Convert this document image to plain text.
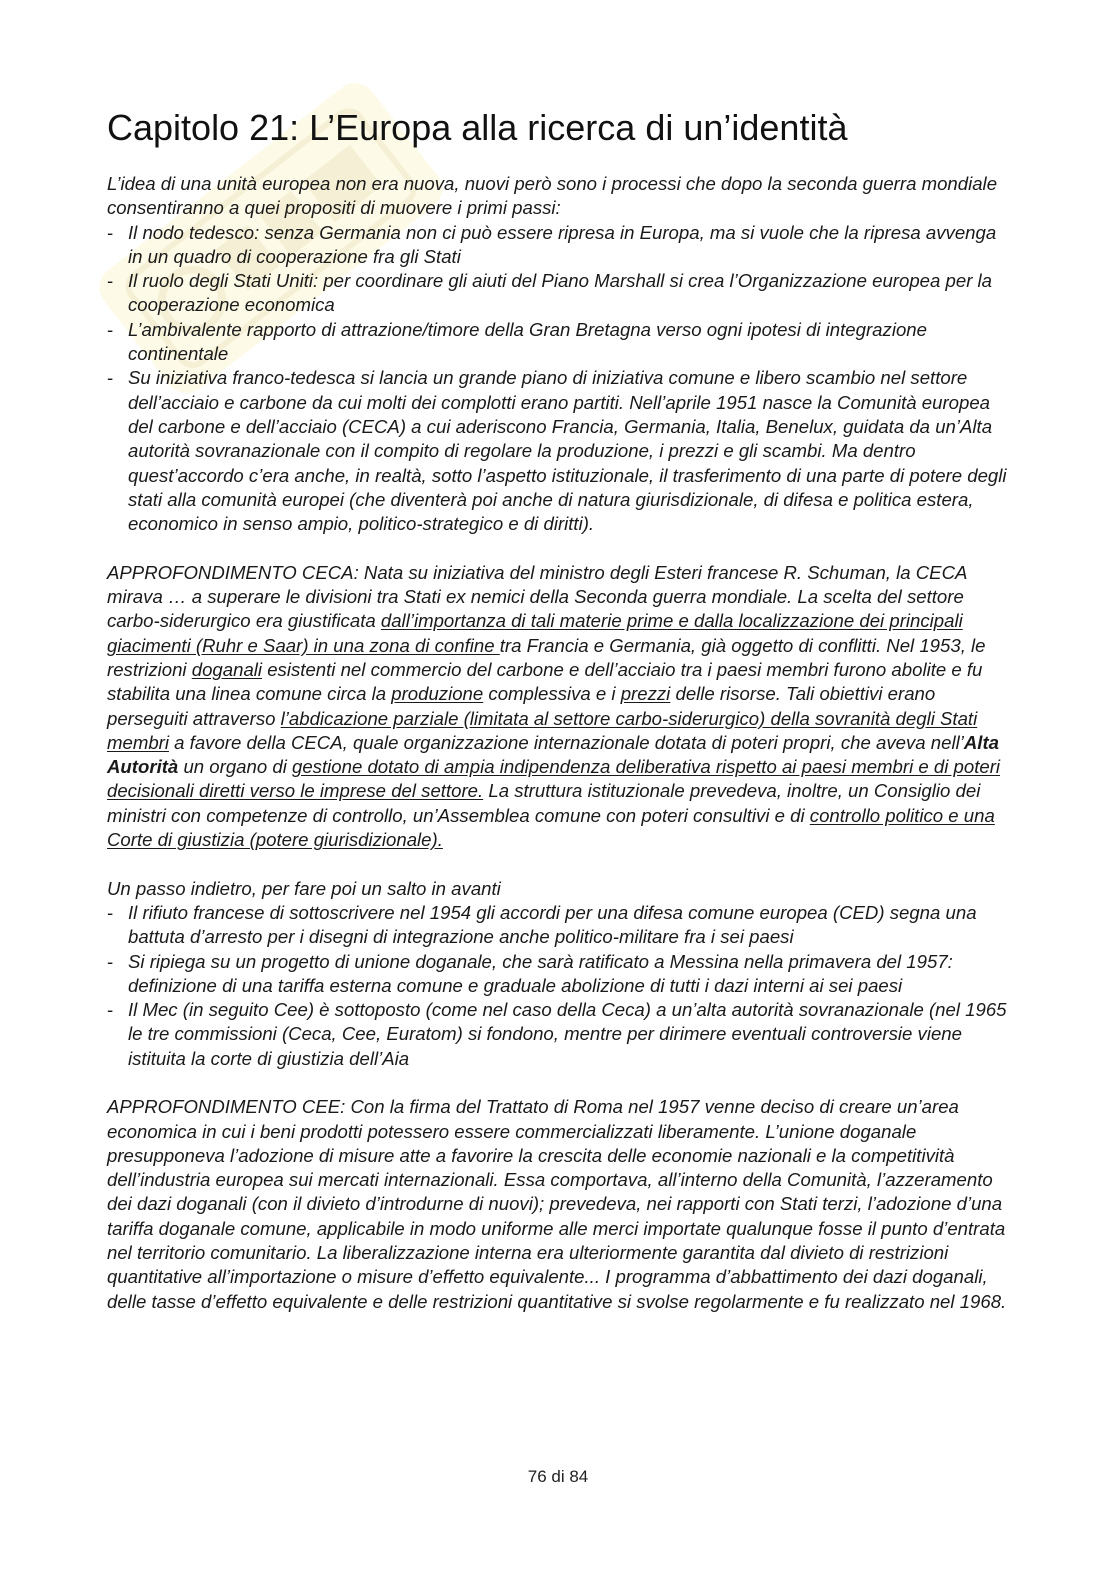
Capitolo 21: L’Europa alla ricerca di un’identità

L’idea di una unità europea non era nuova, nuovi però sono i processi che dopo la seconda guerra mondiale consentiranno a quei propositi di muovere i primi passi:

- Il nodo tedesco: senza Germania non ci può essere ripresa in Europa, ma si vuole che la ripresa avvenga in un quadro di cooperazione fra gli Stati
- Il ruolo degli Stati Uniti: per coordinare gli aiuti del Piano Marshall si crea l’Organizzazione europea per la cooperazione economica
- L’ambivalente rapporto di attrazione/timore della Gran Bretagna verso ogni ipotesi di integrazione continentale
- Su iniziativa franco-tedesca si lancia un grande piano di iniziativa comune e libero scambio nel settore dell’acciaio e carbone da cui molti dei complotti erano partiti. Nell’aprile 1951 nasce la Comunità europea del carbone e dell’acciaio (CECA) a cui aderiscono Francia, Germania, Italia, Benelux, guidata da un’Alta autorità sovranazionale con il compito di regolare la produzione, i prezzi e gli scambi. Ma dentro quest’accordo c’era anche, in realtà, sotto l’aspetto istituzionale, il trasferimento di una parte di potere degli stati alla comunità europei (che diventerà poi anche di natura giurisdizionale, di difesa e politica estera, economico in senso ampio, politico-strategico e di diritti).

APPROFONDIMENTO CECA: Nata su iniziativa del ministro degli Esteri francese R. Schuman, la CECA mirava … a superare le divisioni tra Stati ex nemici della Seconda guerra mondiale. La scelta del settore carbo-siderurgico era giustificata dall’importanza di tali materie prime e dalla localizzazione dei principali giacimenti (Ruhr e Saar) in una zona di confine tra Francia e Germania, già oggetto di conflitti. Nel 1953, le restrizioni doganali esistenti nel commercio del carbone e dell’acciaio tra i paesi membri furono abolite e fu stabilita una linea comune circa la produzione complessiva e i prezzi delle risorse. Tali obiettivi erano perseguiti attraverso l’abdicazione parziale (limitata al settore carbo-siderurgico) della sovranità degli Stati membri a favore della CECA, quale organizzazione internazionale dotata di poteri propri, che aveva nell’Alta Autorità un organo di gestione dotato di ampia indipendenza deliberativa rispetto ai paesi membri e di poteri decisionali diretti verso le imprese del settore. La struttura istituzionale prevedeva, inoltre, un Consiglio dei ministri con competenze di controllo, un’Assemblea comune con poteri consultivi e di controllo politico e una Corte di giustizia (potere giurisdizionale).

Un passo indietro, per fare poi un salto in avanti

- Il rifiuto francese di sottoscrivere nel 1954 gli accordi per una difesa comune europea (CED) segna una battuta d’arresto per i disegni di integrazione anche politico-militare fra i sei paesi
- Si ripiega su un progetto di unione doganale, che sarà ratificato a Messina nella primavera del 1957: definizione di una tariffa esterna comune e graduale abolizione di tutti i dazi interni ai sei paesi
- Il Mec (in seguito Cee) è sottoposto (come nel caso della Ceca) a un’alta autorità sovranazionale (nel 1965 le tre commissioni (Ceca, Cee, Euratom) si fondono, mentre per dirimere eventuali controversie viene istituita la corte di giustizia dell’Aia

APPROFONDIMENTO CEE: Con la firma del Trattato di Roma nel 1957 venne deciso di creare un’area economica in cui i beni prodotti potessero essere commercializzati liberamente. L’unione doganale presupponeva l’adozione di misure atte a favorire la crescita delle economie nazionali e la competitività dell’industria europea sui mercati internazionali. Essa comportava, all’interno della Comunità, l’azzeramento dei dazi doganali (con il divieto d’introdurne di nuovi); prevedeva, nei rapporti con Stati terzi, l’adozione d’una tariffa doganale comune, applicabile in modo uniforme alle merci importate qualunque fosse il punto d’entrata nel territorio comunitario. La liberalizzazione interna era ulteriormente garantita dal divieto di restrizioni quantitative all’importazione o misure d’effetto equivalente... I programma d’abbattimento dei dazi doganali, delle tasse d’effetto equivalente e delle restrizioni quantitative si svolse regolarmente e fu realizzato nel 1968.

76 di 84
